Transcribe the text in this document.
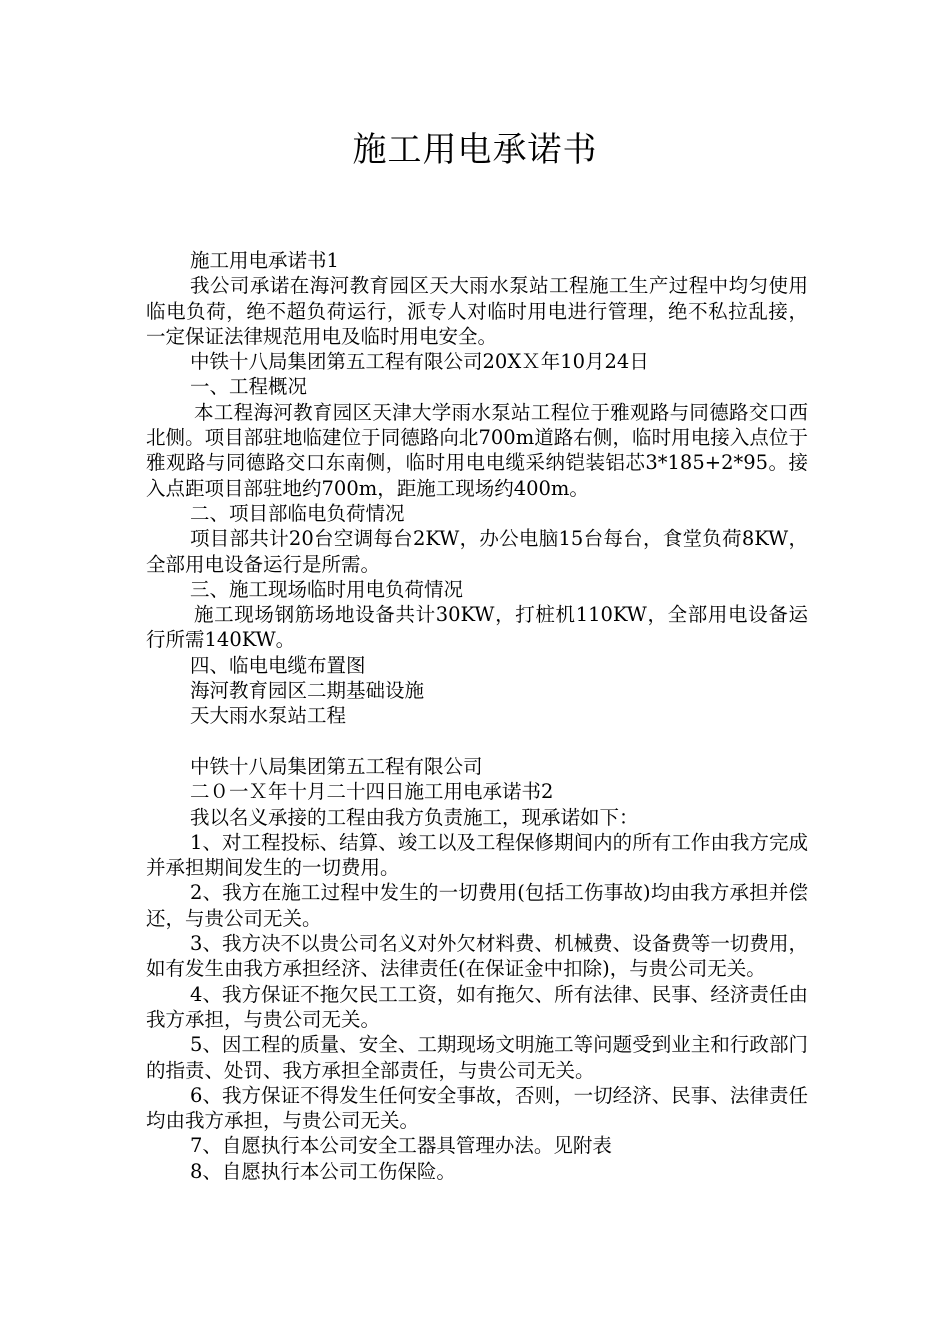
施工用电承诺书

施工用电承诺书1

我公司承诺在海河教育园区天大雨水泵站工程施工生产过程中均匀使用临电负荷，绝不超负荷运行，派专人对临时用电进行管理，绝不私拉乱接，一定保证法律规范用电及临时用电安全。

中铁十八局集团第五工程有限公司20XＸ年10月24日

一、工程概况

本工程海河教育园区天津大学雨水泵站工程位于雅观路与同德路交口西北侧。项目部驻地临建位于同德路向北700m道路右侧，临时用电接入点位于雅观路与同德路交口东南侧，临时用电电缆采纳铠装铝芯3*185+2*95。接入点距项目部驻地约700m，距施工现场约400m。

二、项目部临电负荷情况

项目部共计20台空调每台2KW，办公电脑15台每台，食堂负荷8KW，全部用电设备运行是所需。

三、施工现场临时用电负荷情况

施工现场钢筋场地设备共计30KW，打桩机110KW，全部用电设备运行所需140KW。

四、临电电缆布置图

海河教育园区二期基础设施

天大雨水泵站工程

中铁十八局集团第五工程有限公司

二０一Ｘ年十月二十四日施工用电承诺书2

我以名义承接的工程由我方负责施工，现承诺如下：

1、对工程投标、结算、竣工以及工程保修期间内的所有工作由我方完成并承担期间发生的一切费用。

2、我方在施工过程中发生的一切费用(包括工伤事故)均由我方承担并偿还，与贵公司无关。

3、我方决不以贵公司名义对外欠材料费、机械费、设备费等一切费用，如有发生由我方承担经济、法律责任(在保证金中扣除)，与贵公司无关。

4、我方保证不拖欠民工工资，如有拖欠、所有法律、民事、经济责任由我方承担，与贵公司无关。

5、因工程的质量、安全、工期现场文明施工等问题受到业主和行政部门的指责、处罚、我方承担全部责任，与贵公司无关。

6、我方保证不得发生任何安全事故，否则，一切经济、民事、法律责任均由我方承担，与贵公司无关。

7、自愿执行本公司安全工器具管理办法。见附表

8、自愿执行本公司工伤保险。
